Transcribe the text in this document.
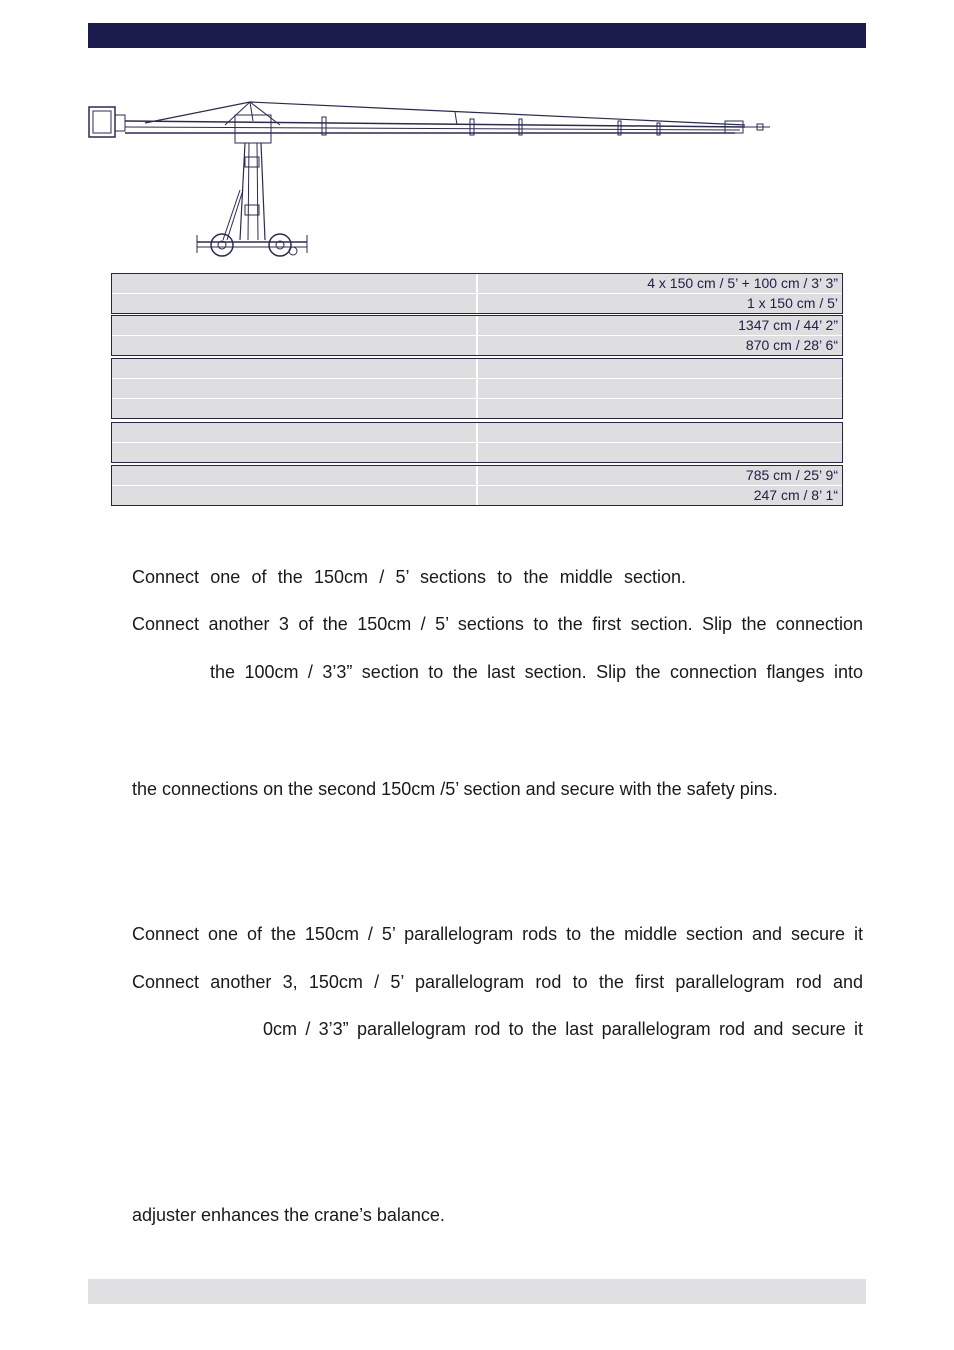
4 x 150 cm / 5’ + 100 cm / 3’ 3”
1 x 150 cm / 5’
1347 cm / 44’ 2”
870 cm / 28’ 6“
785 cm / 25’ 9“
247 cm / 8’ 1“
Connect one of the 150cm / 5’ sections to the middle section.
Connect another 3 of the 150cm / 5’ sections to the first section. Slip the connection
the 100cm / 3’3” section to the last section. Slip the connection flanges into
the connections on the second 150cm /5’ section and secure with the safety pins.
Connect one of the 150cm / 5’ parallelogram rods to the middle section and secure it
Connect another 3, 150cm / 5’ parallelogram rod to the first parallelogram rod and
0cm / 3’3” parallelogram rod to the last parallelogram rod and secure it
adjuster enhances the crane’s balance.
